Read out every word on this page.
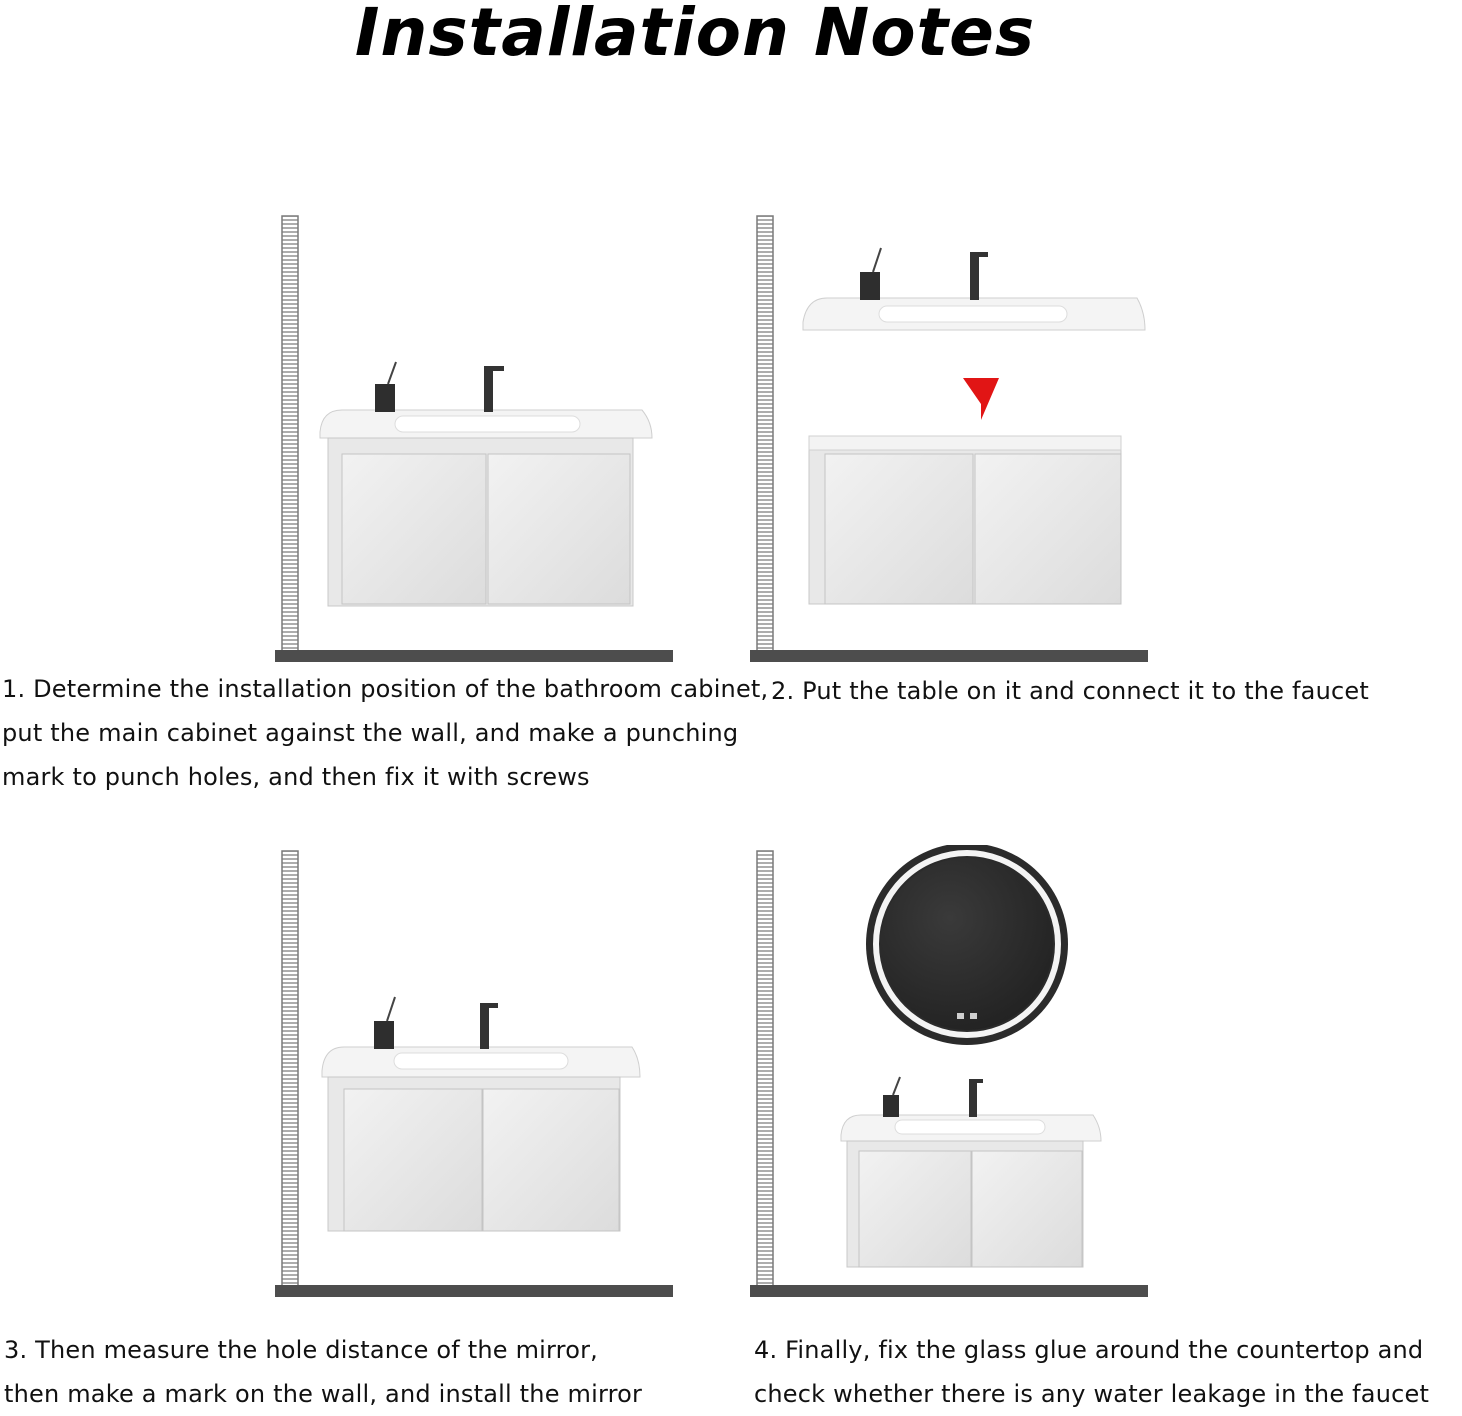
Installation Notes
1. Determine the installation position of the bathroom cabinet,
put the main cabinet against the wall, and make a punching
mark to punch holes, and then fix it with screws
2. Put the table on it and connect it to the faucet
3. Then measure the hole distance of the mirror,
then make a mark on the wall, and install the mirror
4. Finally, fix the glass glue around the countertop and
check whether there is any water leakage in the faucet
